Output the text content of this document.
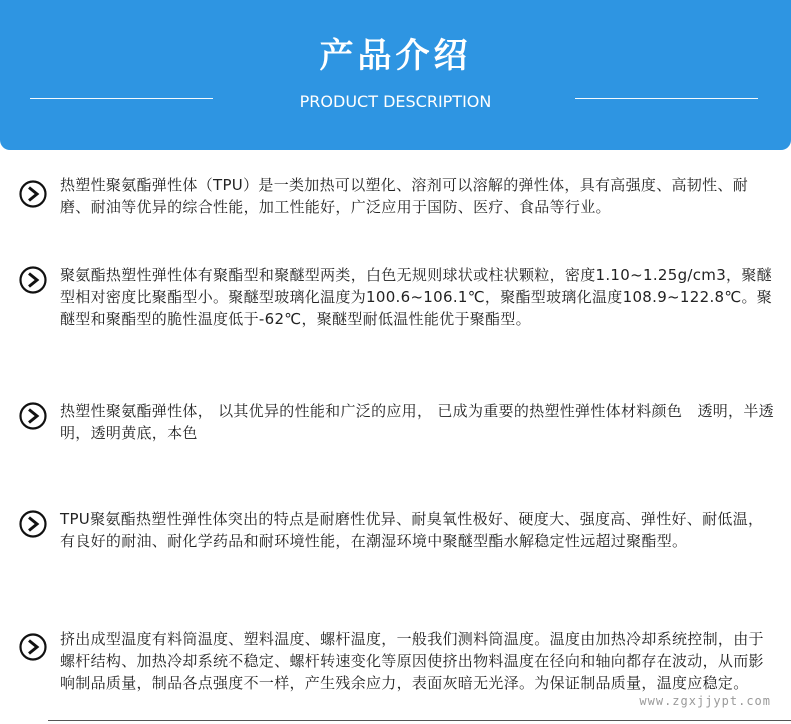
产品介绍
PRODUCT DESCRIPTION
热塑性聚氨酯弹性体（TPU）是一类加热可以塑化、溶剂可以溶解的弹性体，具有高强度、高韧性、耐磨、耐油等优异的综合性能，加工性能好，广泛应用于国防、医疗、食品等行业。
聚氨酯热塑性弹性体有聚酯型和聚醚型两类，白色无规则球状或柱状颗粒，密度1.10~1.25g/cm3，聚醚型相对密度比聚酯型小。聚醚型玻璃化温度为100.6~106.1℃，聚酯型玻璃化温度108.9~122.8℃。聚醚型和聚酯型的脆性温度低于-62℃，聚醚型耐低温性能优于聚酯型。
热塑性聚氨酯弹性体， 以其优异的性能和广泛的应用， 已成为重要的热塑性弹性体材料颜色　透明，半透明，透明黄底，本色
TPU聚氨酯热塑性弹性体突出的特点是耐磨性优异、耐臭氧性极好、硬度大、强度高、弹性好、耐低温，有良好的耐油、耐化学药品和耐环境性能，在潮湿环境中聚醚型酯水解稳定性远超过聚酯型。
挤出成型温度有料筒温度、塑料温度、螺杆温度，一般我们测料筒温度。温度由加热冷却系统控制，由于螺杆结构、加热冷却系统不稳定、螺杆转速变化等原因使挤出物料温度在径向和轴向都存在波动，从而影响制品质量，制品各点强度不一样，产生残余应力，表面灰暗无光泽。为保证制品质量，温度应稳定。
www.zgxjjypt.com
